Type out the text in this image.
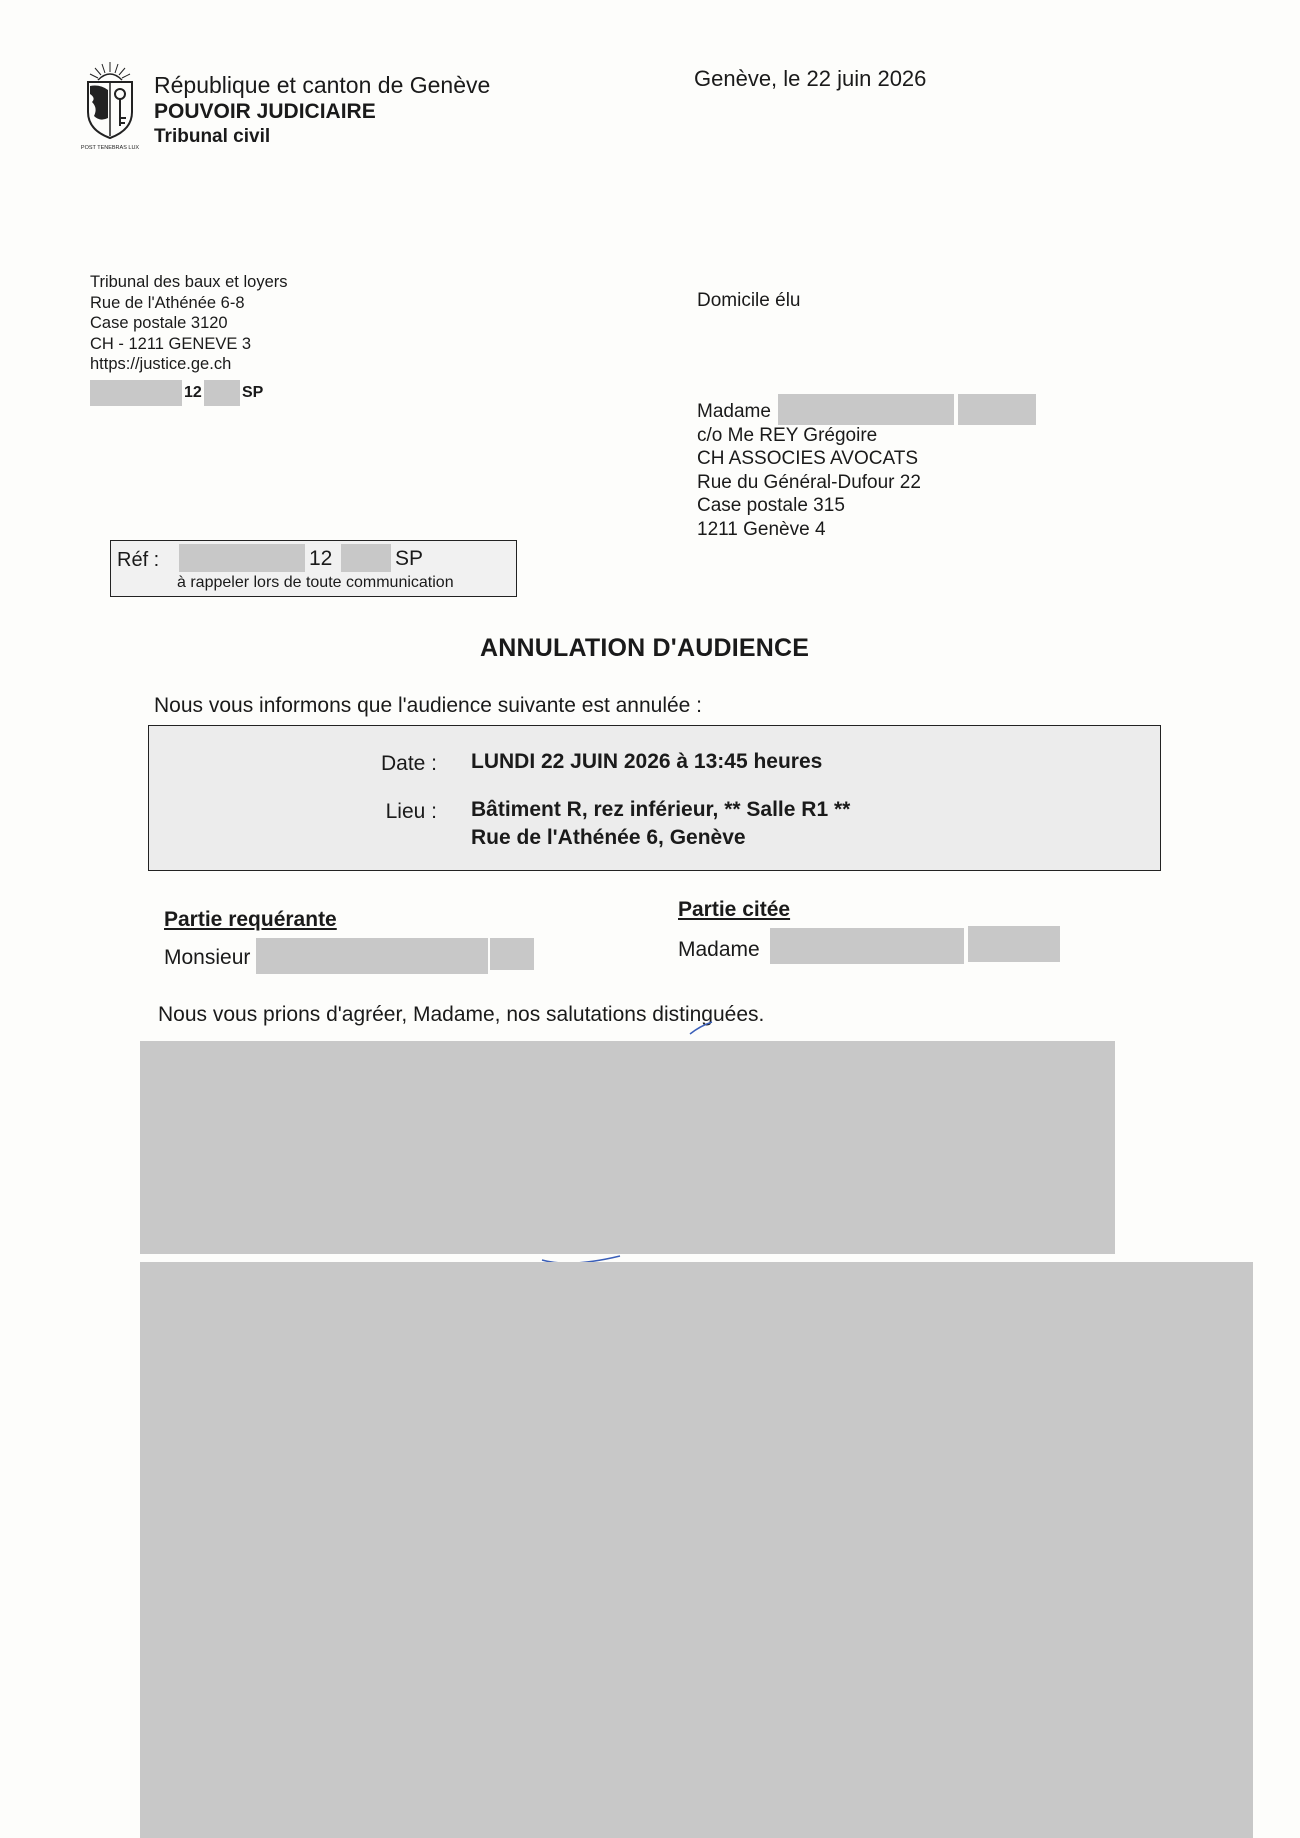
POST TENEBRAS LUX
République et canton de Genève
POUVOIR JUDICIAIRE
Tribunal civil
Genève, le 22 juin 2026
Tribunal des baux et loyers
Rue de l'Athénée 6-8
Case postale 3120
CH - 1211 GENEVE 3
https://justice.ge.ch
12	SP
Domicile élu
Madame
c/o Me REY Grégoire
CH ASSOCIES AVOCATS
Rue du Général-Dufour 22
Case postale 315
1211 Genève 4
Réf :	12	SP
à rappeler lors de toute communication
ANNULATION D'AUDIENCE
Nous vous informons que l'audience suivante est annulée :
Date : LUNDI 22 JUIN 2026 à 13:45 heures
Lieu : Bâtiment R, rez inférieur, ** Salle R1 **
Rue de l'Athénée 6, Genève
Partie requérante
Monsieur
Partie citée
Madame
Nous vous prions d'agréer, Madame, nos salutations distinguées.
